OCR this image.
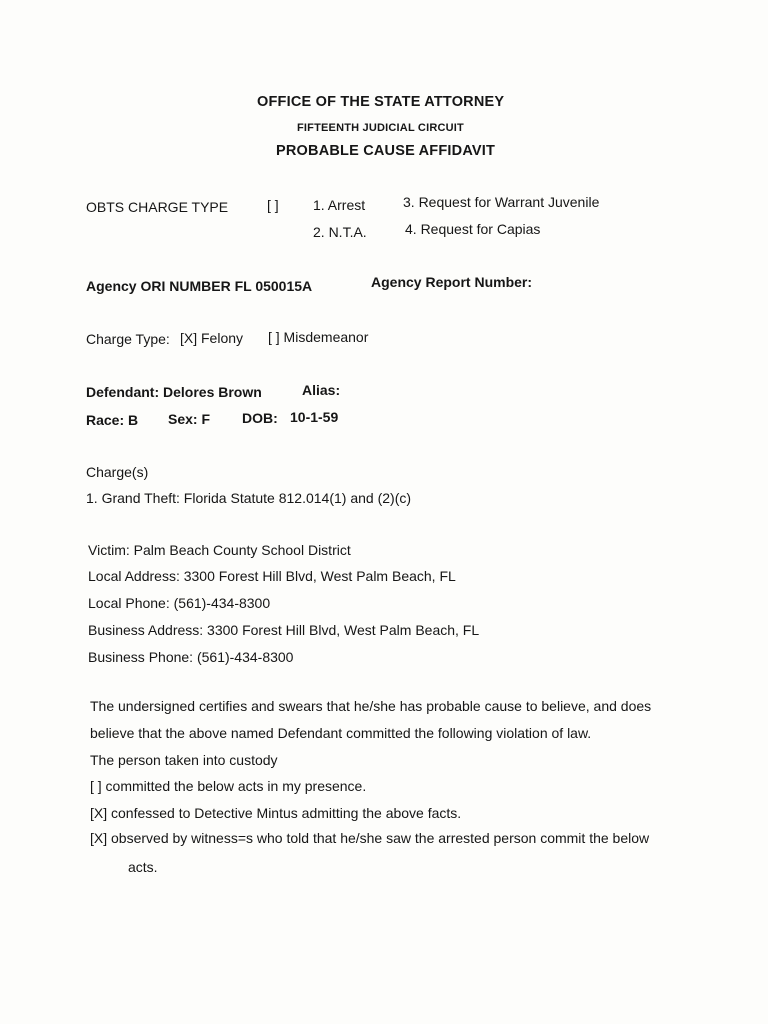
OFFICE OF THE STATE ATTORNEY
FIFTEENTH JUDICIAL CIRCUIT
PROBABLE CAUSE AFFIDAVIT
OBTS CHARGE TYPE	[ ] 1. Arrest	3. Request for Warrant Juvenile
2. N.T.A.	4. Request for Capias
Agency ORI NUMBER FL 050015A	Agency Report Number:
Charge Type: [X] Felony [ ] Misdemeanor
Defendant: Delores Brown	Alias:
Race: B Sex: F DOB: 10-1-59
Charge(s)
1. Grand Theft: Florida Statute 812.014(1) and (2)(c)
Victim: Palm Beach County School District
Local Address: 3300 Forest Hill Blvd, West Palm Beach, FL
Local Phone: (561)-434-8300
Business Address: 3300 Forest Hill Blvd, West Palm Beach, FL
Business Phone: (561)-434-8300
The undersigned certifies and swears that he/she has probable cause to believe, and does
believe that the above named Defendant committed the following violation of law.
The person taken into custody
[ ] committed the below acts in my presence.
[X] confessed to Detective Mintus admitting the above facts.
[X] observed by witness=s who told that he/she saw the arrested person commit the below
acts.
